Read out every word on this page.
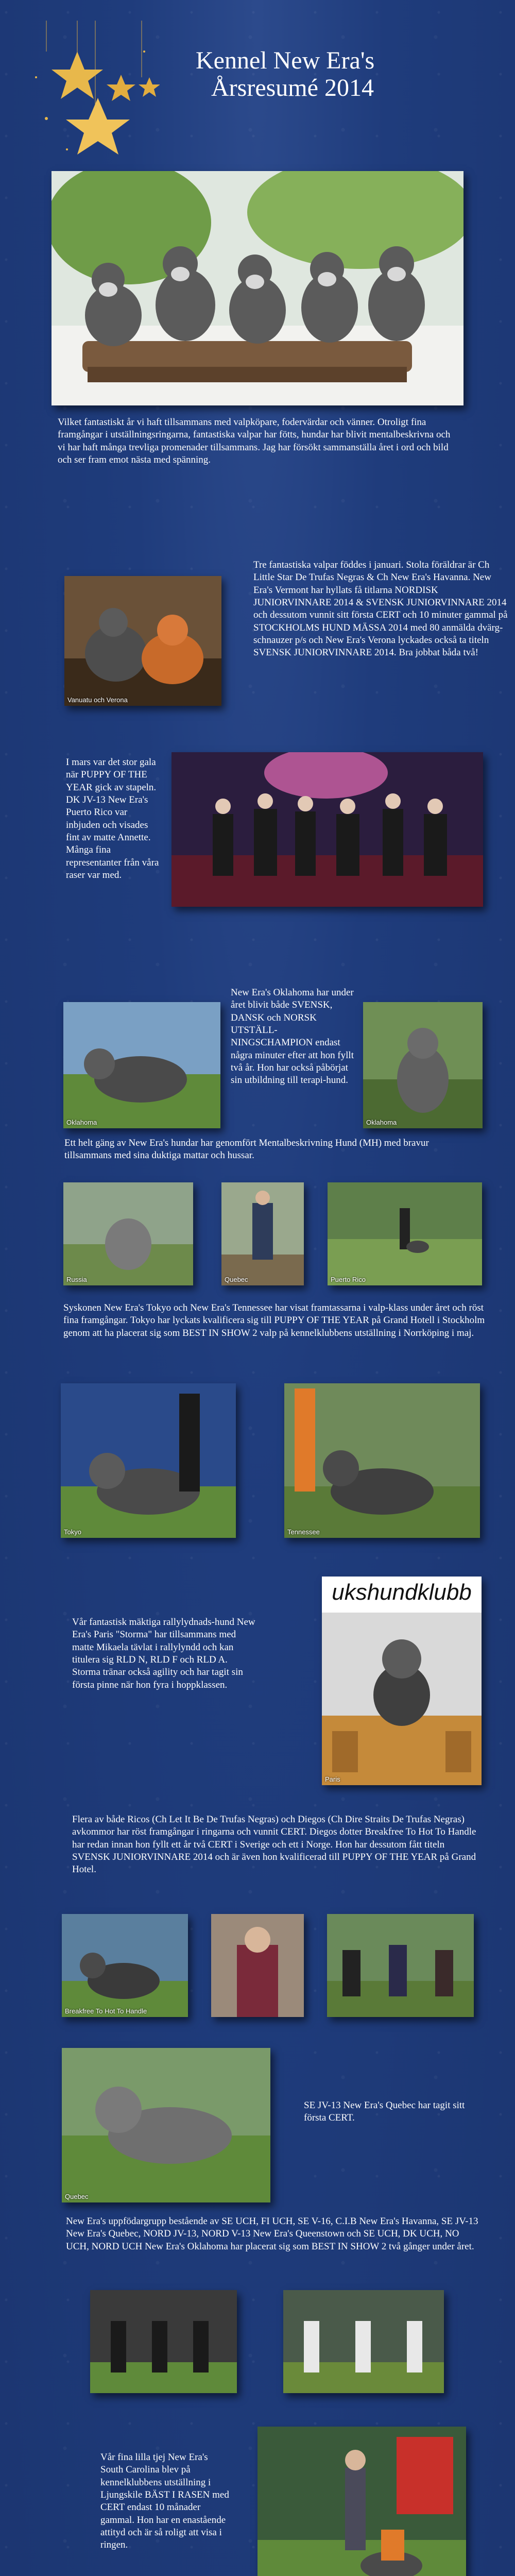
Kennel New Era's
Årsresumé 2014
Vilket fantastiskt år vi haft tillsammans med valpköpare, fodervärdar och vänner. Otroligt fina framgångar i utställningsringarna, fantastiska valpar har fötts, hundar har blivit mentalbeskrivna och vi har haft många trevliga promenader tillsammans. Jag har försökt sammanställa året i ord och bild och ser fram emot nästa med spänning.
Vanuatu och Verona
Tre fantastiska valpar föddes i januari. Stolta föräldrar är Ch Little Star De Trufas Negras & Ch New Era's Havanna. New Era's Vermont har hyllats få titlarna NORDISK JUNIORVINNARE 2014 & SVENSK JUNIORVINNARE 2014 och dessutom vunnit sitt första CERT och 10 minuter gammal på STOCKHOLMS HUND MÄSSA 2014 med 80 anmälda dvärg-schnauzer p/s och New Era's Verona lyckades också ta titeln SVENSK JUNIORVINNARE 2014. Bra jobbat båda två!
I mars var det stor gala när PUPPY OF THE YEAR gick av stapeln. DK JV-13 New Era's Puerto Rico var inbjuden och visades fint av matte Annette. Många fina representanter från våra raser var med.
Oklahoma
New Era's Oklahoma har under året blivit både SVENSK, DANSK och NORSK UTSTÄLL-NINGSCHAMPION endast några minuter efter att hon fyllt två år. Hon har också påbörjat sin utbildning till terapi-hund.
Oklahoma
Ett helt gäng av New Era's hundar har genomfört Mentalbeskrivning Hund (MH) med bravur tillsammans med sina duktiga mattar och hussar.
Russia	Quebec	Puerto Rico
Syskonen New Era's Tokyo och New Era's Tennessee har visat framtassarna i valp-klass under året och röst fina framgångar. Tokyo har lyckats kvalificera sig till PUPPY OF THE YEAR på Grand Hotell i Stockholm genom att ha placerat sig som BEST IN SHOW 2 valp på kennelklubbens utställning i Norrköping i maj.
Tokyo	Tennessee
Vår fantastisk mäktiga rallylydnads-hund New Era's Paris "Storma" har tillsammans med matte Mikaela tävlat i rallylyndd och kan titulera sig RLD N, RLD F och RLD A. Storma tränar också agility och har tagit sin första pinne när hon fyra i hoppklassen.
ukshundklubb
Paris
Flera av både Ricos (Ch Let It Be De Trufas Negras) och Diegos (Ch Dire Straits De Trufas Negras) avkommor har röst framgångar i ringarna och vunnit CERT. Diegos dotter Breakfree To Hot To Handle har redan innan hon fyllt ett år två CERT i Sverige och ett i Norge. Hon har dessutom fått titeln SVENSK JUNIORVINNARE 2014 och är även hon kvalificerad till PUPPY OF THE YEAR på Grand Hotel.
Breakfree To Hot To Handle
Quebec
SE JV-13 New Era's Quebec har tagit sitt första CERT.
New Era's uppfödargrupp bestående av SE UCH, FI UCH, SE V-16, C.I.B New Era's Havanna, SE JV-13 New Era's Quebec, NORD JV-13, NORD V-13 New Era's Queenstown och SE UCH, DK UCH, NO UCH, NORD UCH New Era's Oklahoma har placerat sig som BEST IN SHOW 2 två gånger under året.
Vår fina lilla tjej New Era's South Carolina blev på kennelklubbens utställning i Ljungskile BÄST I RASEN med CERT endast 10 månader gammal. Hon har en enastående attityd och är så roligt att visa i ringen.
